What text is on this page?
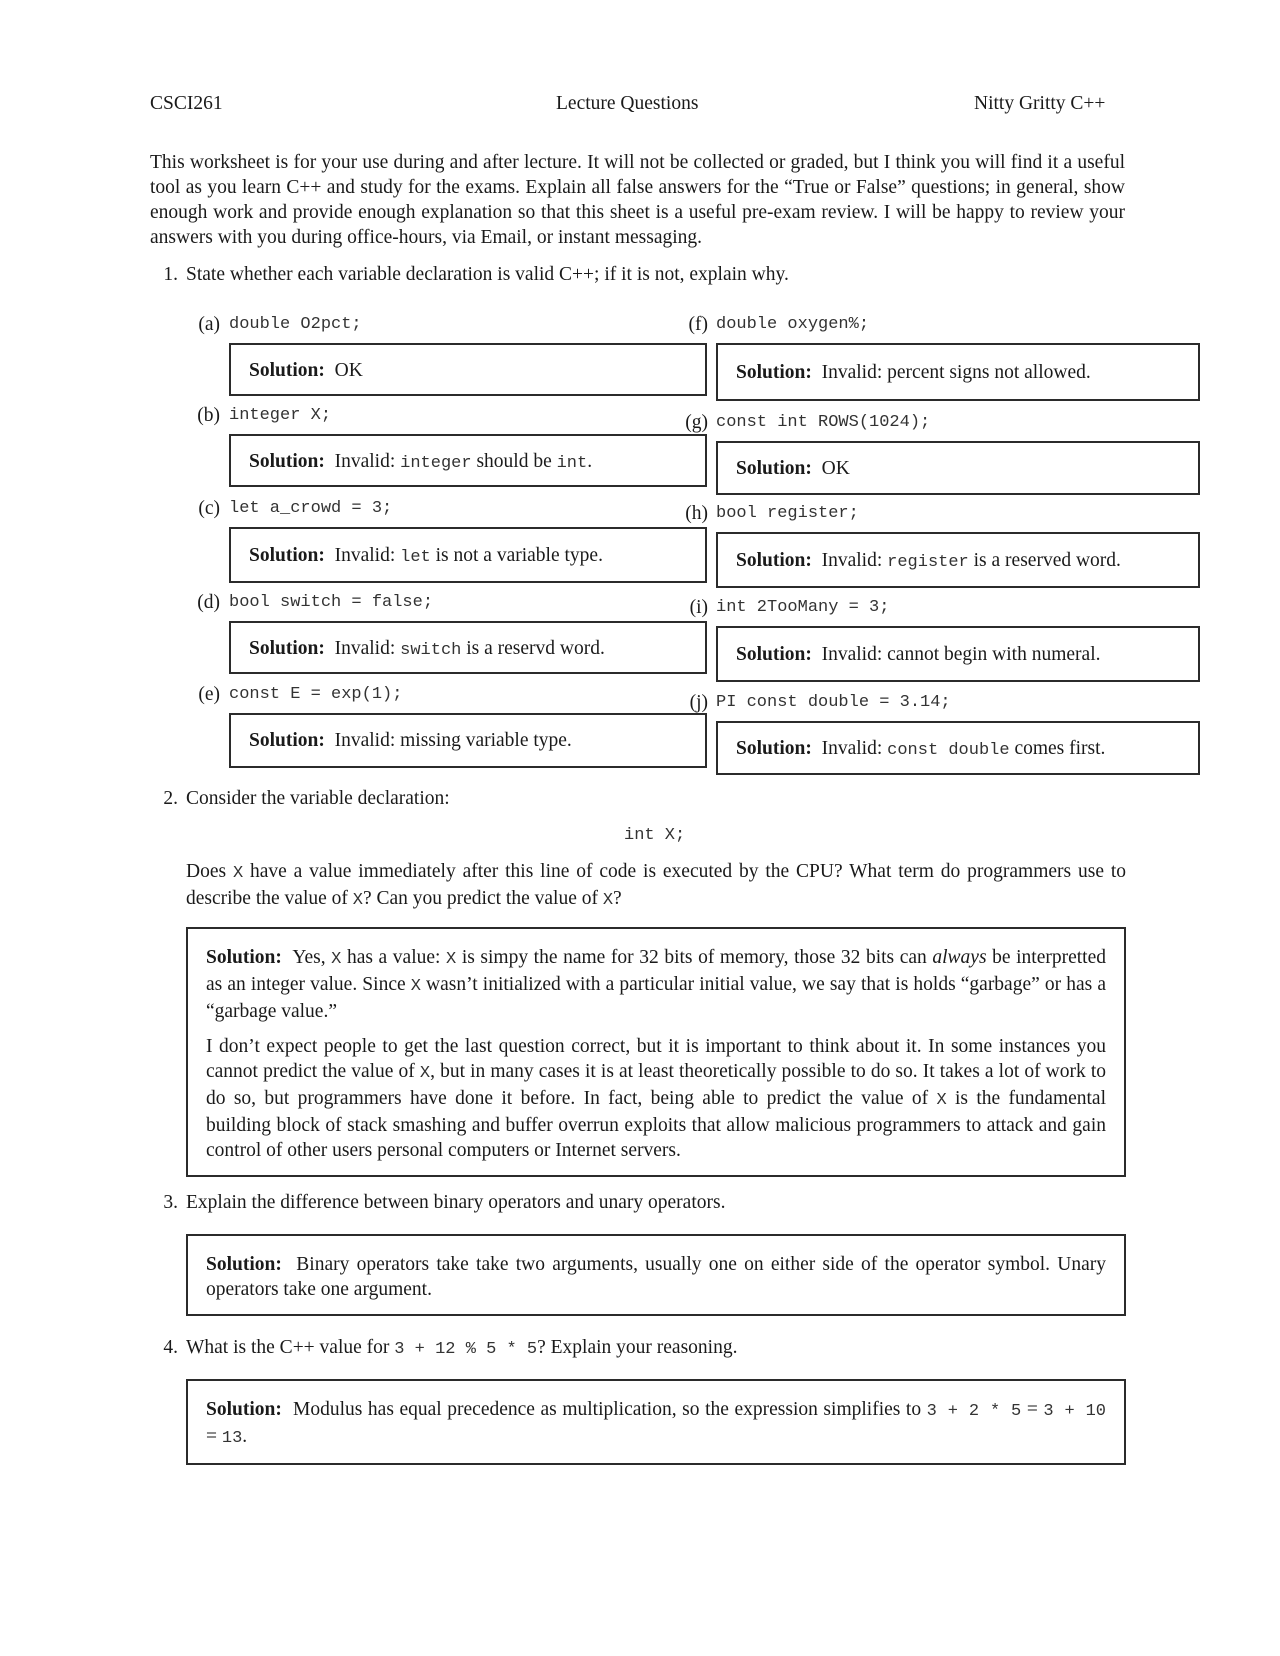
CSCI261	Lecture Questions	Nitty Gritty C++
This worksheet is for your use during and after lecture. It will not be collected or graded, but I think you will find it a useful tool as you learn C++ and study for the exams. Explain all false answers for the “True or False” questions; in general, show enough work and provide enough explanation so that this sheet is a useful pre-exam review. I will be happy to review your answers with you during office-hours, via Email, or instant messaging.
1. State whether each variable declaration is valid C++; if it is not, explain why.
(a) double O2pct;
Solution: OK
(b) integer X;
Solution: Invalid: integer should be int.
(c) let a_crowd = 3;
Solution: Invalid: let is not a variable type.
(d) bool switch = false;
Solution: Invalid: switch is a reservd word.
(e) const E = exp(1);
Solution: Invalid: missing variable type.
(f) double oxygen%;
Solution: Invalid: percent signs not allowed.
(g) const int ROWS(1024);
Solution: OK
(h) bool register;
Solution: Invalid: register is a reserved word.
(i) int 2TooMany = 3;
Solution: Invalid: cannot begin with numeral.
(j) PI const double = 3.14;
Solution: Invalid: const double comes first.
2. Consider the variable declaration:
int X;
Does X have a value immediately after this line of code is executed by the CPU? What term do programmers use to describe the value of X? Can you predict the value of X?

Solution: Yes, X has a value: X is simpy the name for 32 bits of memory, those 32 bits can always be interpretted as an integer value. Since X wasn’t initialized with a particular initial value, we say that is holds “garbage” or has a “garbage value.”

I don’t expect people to get the last question correct, but it is important to think about it. In some instances you cannot predict the value of X, but in many cases it is at least theoretically possible to do so. It takes a lot of work to do so, but programmers have done it before. In fact, being able to predict the value of X is the fundamental building block of stack smashing and buffer overrun exploits that allow malicious programmers to attack and gain control of other users personal computers or Internet servers.

3. Explain the difference between binary operators and unary operators.

Solution: Binary operators take take two arguments, usually one on either side of the operator symbol. Unary operators take one argument.

4. What is the C++ value for 3 + 12 % 5 * 5? Explain your reasoning.

Solution: Modulus has equal precedence as multiplication, so the expression simplifies to 3 + 2 * 5 = 3 + 10 = 13.
